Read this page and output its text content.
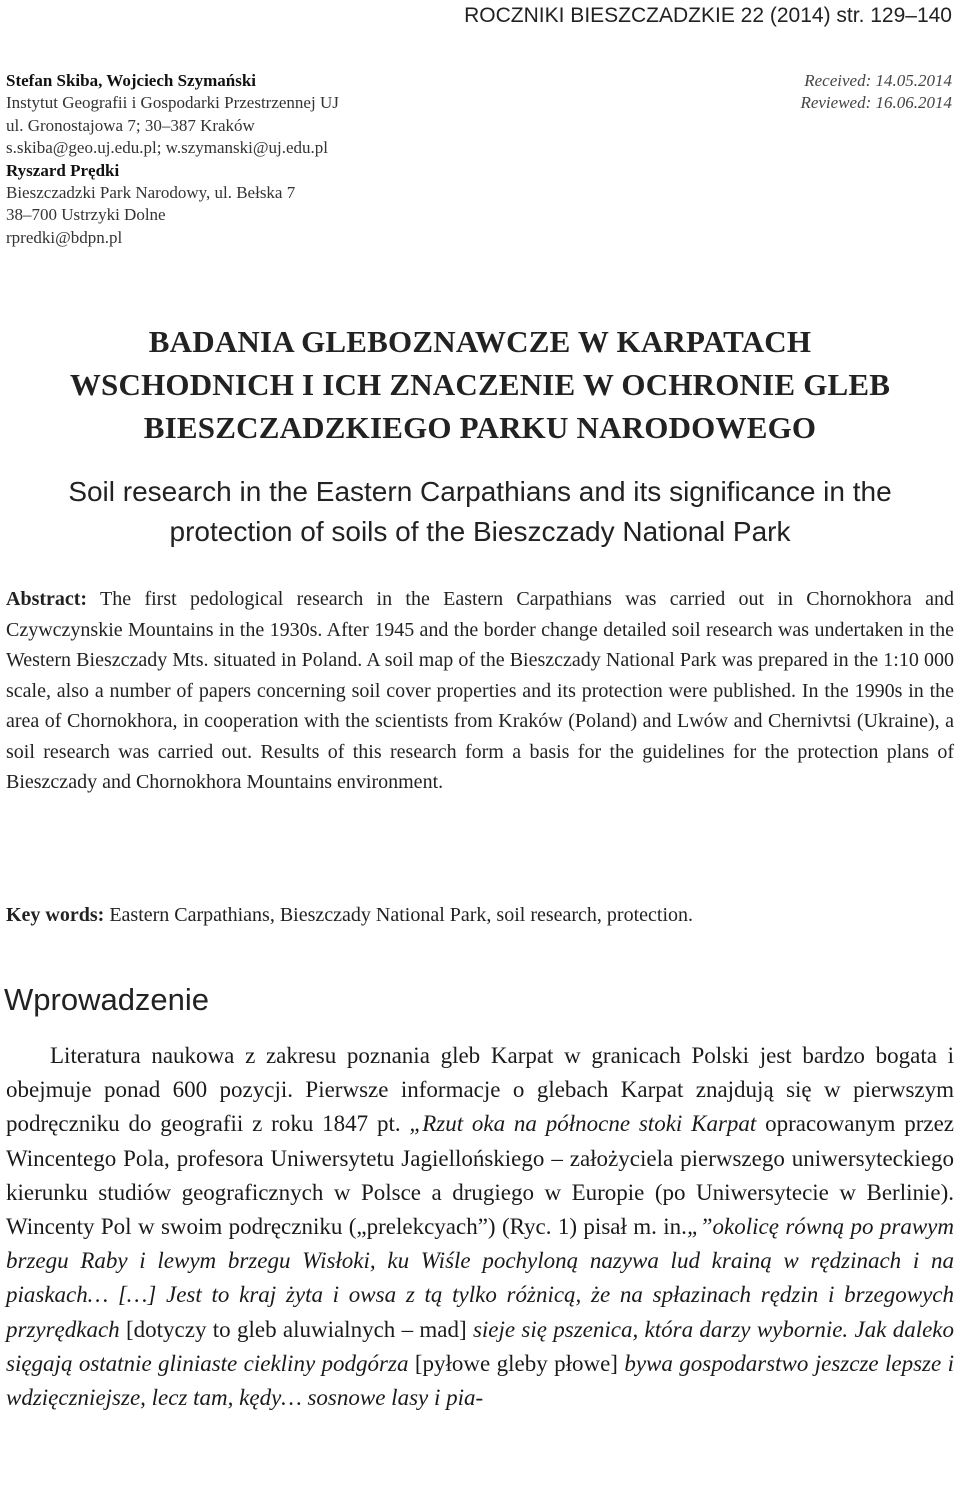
ROCZNIKI BIESZCZADZKIE 22 (2014) str. 129–140
Stefan Skiba, Wojciech Szymański
Instytut Geografii i Gospodarki Przestrzennej UJ
ul. Gronostajowa 7; 30–387 Kraków
s.skiba@geo.uj.edu.pl; w.szymanski@uj.edu.pl
Ryszard Prędki
Bieszczadzki Park Narodowy, ul. Bełska 7
38–700 Ustrzyki Dolne
rpredki@bdpn.pl
Received: 14.05.2014
Reviewed: 16.06.2014
BADANIA GLEBOZNAWCZE W KARPATACH
WSCHODNICH I ICH ZNACZENIE W OCHRONIE GLEB
BIESZCZADZKIEGO PARKU NARODOWEGO
Soil research in the Eastern Carpathians and its significance in the
protection of soils of the Bieszczady National Park
Abstract: The first pedological research in the Eastern Carpathians was carried out in Chornokhora and Czywczynskie Mountains in the 1930s. After 1945 and the border change detailed soil research was undertaken in the Western Bieszczady Mts. situated in Poland. A soil map of the Bieszczady National Park was prepared in the 1:10 000 scale, also a number of papers concerning soil cover properties and its protection were published. In the 1990s in the area of Chornokhora, in cooperation with the scientists from Kraków (Poland) and Lwów and Chernivtsi (Ukraine), a soil research was carried out. Results of this research form a basis for the guidelines for the protection plans of Bieszczady and Chornokhora Mountains environment.
Key words: Eastern Carpathians, Bieszczady National Park, soil research, protection.
Wprowadzenie
Literatura naukowa z zakresu poznania gleb Karpat w granicach Polski jest bardzo bogata i obejmuje ponad 600 pozycji. Pierwsze informacje o glebach Karpat znajdują się w pierwszym podręczniku do geografii z roku 1847 pt. „Rzut oka na północne stoki Karpat opracowanym przez Wincentego Pola, profesora Uniwersytetu Jagiellońskiego – założyciela pierwszego uniwersyteckiego kierunku studiów geograficznych w Polsce a drugiego w Europie (po Uniwersytecie w Berlinie). Wincenty Pol w swoim podręczniku („prelekcyach”) (Ryc. 1) pisał m. in.„”okolicę równą po prawym brzegu Raby i lewym brzegu Wisłoki, ku Wiśle pochyloną nazywa lud krainą w rędzinach i na piaskach… […] Jest to kraj żyta i owsa z tą tylko różnicą, że na spłazinach rędzin i brzegowych przyrędkach [dotyczy to gleb aluwialnych – mad] sieje się pszenica, która darzy wybornie. Jak daleko sięgają ostatnie gliniaste ciekliny podgórza [pyłowe gleby płowe] bywa gospodarstwo jeszcze lepsze i wdzięczniejsze, lecz tam, kędy… sosnowe lasy i pia-
